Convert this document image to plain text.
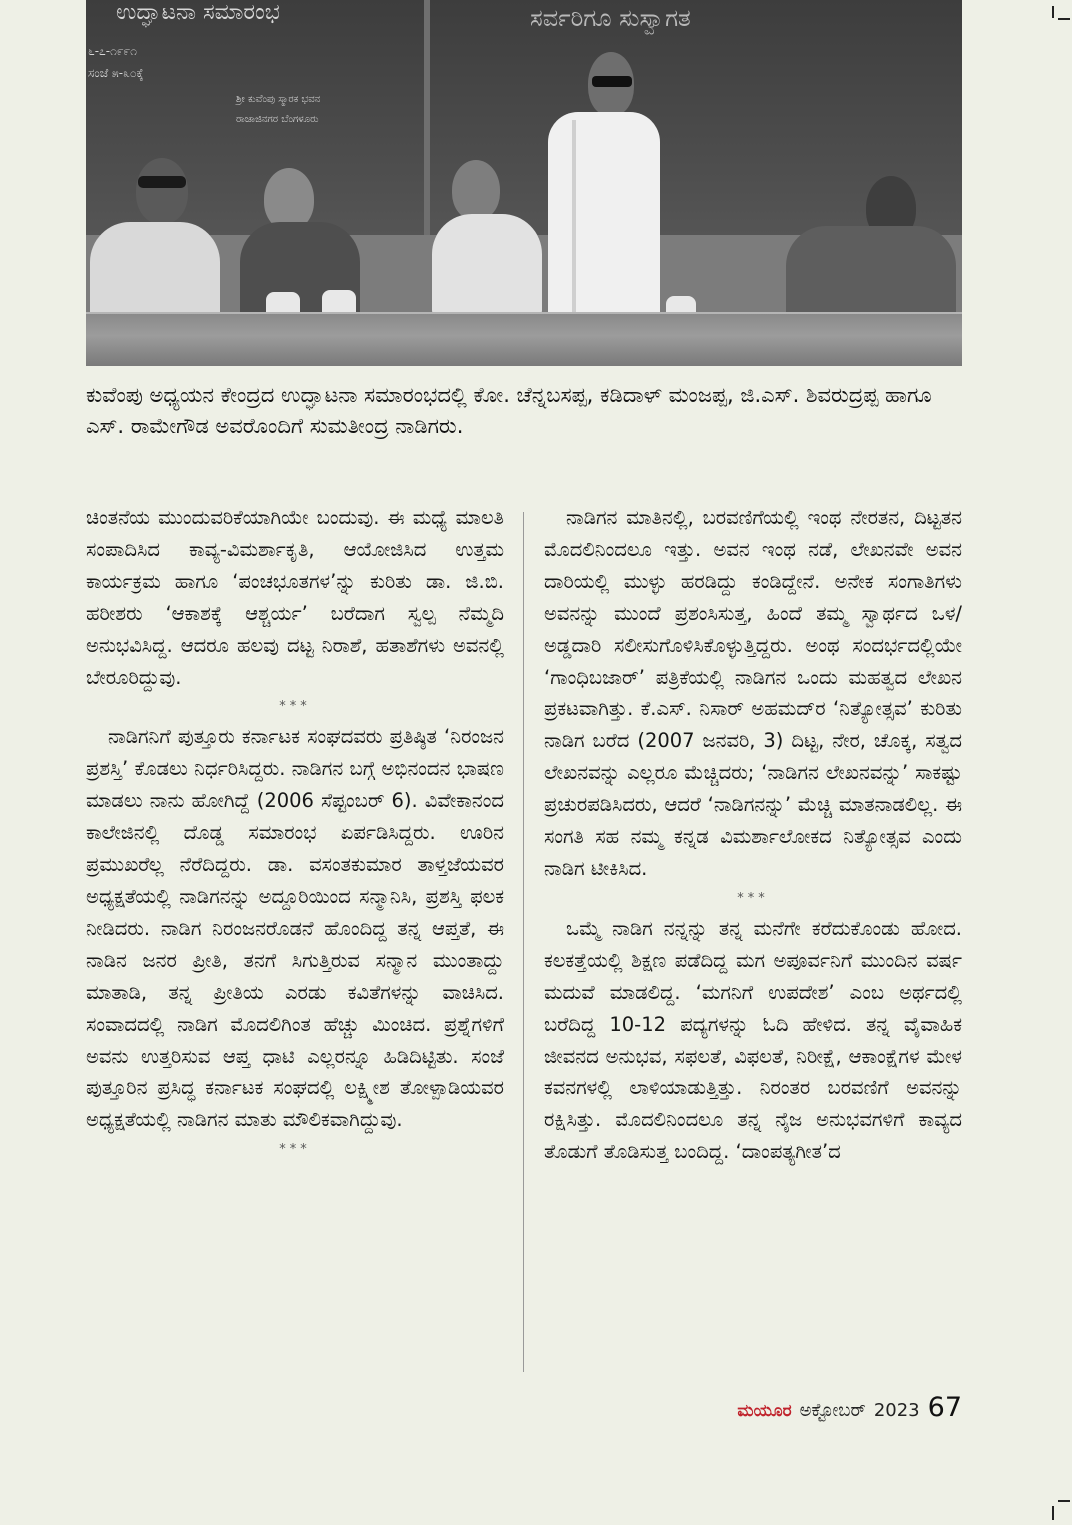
ಉದ್ಘಾಟನಾ ಸಮಾರಂಭ
೬-೭-೧೯೯೧
ಸಂಜೆ ೫-೩೦ಕ್ಕೆ
ಶ್ರೀ ಕುವೆಂಪು ಸ್ಮಾರಕ ಭವನ
ರಾಜಾಜಿನಗರ ಬೆಂಗಳೂರು
ಸರ್ವರಿಗೂ ಸುಸ್ವಾಗತ
ಕುವೆಂಪು ಅಧ್ಯಯನ ಕೇಂದ್ರದ ಉದ್ಘಾಟನಾ ಸಮಾರಂಭದಲ್ಲಿ ಕೋ. ಚೆನ್ನಬಸಪ್ಪ, ಕಡಿದಾಳ್ ಮಂಜಪ್ಪ, ಜಿ.ಎಸ್. ಶಿವರುದ್ರಪ್ಪ ಹಾಗೂ ಎಸ್. ರಾಮೇಗೌಡ ಅವರೊಂದಿಗೆ ಸುಮತೀಂದ್ರ ನಾಡಿಗರು.

ಚಿಂತನೆಯ ಮುಂದುವರಿಕೆಯಾಗಿಯೇ ಬಂದುವು. ಈ ಮಧ್ಯೆ ಮಾಲತಿ ಸಂಪಾದಿಸಿದ ಕಾವ್ಯ-ವಿಮರ್ಶಾಕೃತಿ, ಆಯೋಜಿಸಿದ ಉತ್ತಮ ಕಾರ್ಯಕ್ರಮ ಹಾಗೂ ‘ಪಂಚಭೂತಗಳ’ನ್ನು ಕುರಿತು ಡಾ. ಜಿ.ಬಿ. ಹರೀಶರು ‘ಆಕಾಶಕ್ಕೆ ಆಶ್ಚರ್ಯ’ ಬರೆದಾಗ ಸ್ವಲ್ಪ ನೆಮ್ಮದಿ ಅನುಭವಿಸಿದ್ದ. ಆದರೂ ಹಲವು ದಟ್ಟ ನಿರಾಶೆ, ಹತಾಶೆಗಳು ಅವನಲ್ಲಿ ಬೇರೂರಿದ್ದುವು.

***

ನಾಡಿಗನಿಗೆ ಪುತ್ತೂರು ಕರ್ನಾಟಕ ಸಂಘದವರು ಪ್ರತಿಷ್ಠಿತ ‘ನಿರಂಜನ ಪ್ರಶಸ್ತಿ’ ಕೊಡಲು ನಿರ್ಧರಿಸಿದ್ದರು. ನಾಡಿಗನ ಬಗ್ಗೆ ಅಭಿನಂದನ ಭಾಷಣ ಮಾಡಲು ನಾನು ಹೋಗಿದ್ದೆ (2006 ಸೆಪ್ಟಂಬರ್ 6). ವಿವೇಕಾನಂದ ಕಾಲೇಜಿನಲ್ಲಿ ದೊಡ್ಡ ಸಮಾರಂಭ ಏರ್ಪಡಿಸಿದ್ದರು. ಊರಿನ ಪ್ರಮುಖರೆಲ್ಲ ನೆರೆದಿದ್ದರು. ಡಾ. ವಸಂತಕುಮಾರ ತಾಳ್ತಜೆಯವರ ಅಧ್ಯಕ್ಷತೆಯಲ್ಲಿ ನಾಡಿಗನನ್ನು ಅದ್ದೂರಿಯಿಂದ ಸನ್ಮಾನಿಸಿ, ಪ್ರಶಸ್ತಿ ಫಲಕ ನೀಡಿದರು. ನಾಡಿಗ ನಿರಂಜನರೊಡನೆ ಹೊಂದಿದ್ದ ತನ್ನ ಆಪ್ತತೆ, ಈ ನಾಡಿನ ಜನರ ಪ್ರೀತಿ, ತನಗೆ ಸಿಗುತ್ತಿರುವ ಸನ್ಮಾನ ಮುಂತಾದ್ದು ಮಾತಾಡಿ, ತನ್ನ ಪ್ರೀತಿಯ ಎರಡು ಕವಿತೆಗಳನ್ನು ವಾಚಿಸಿದ. ಸಂವಾದದಲ್ಲಿ ನಾಡಿಗ ಮೊದಲಿಗಿಂತ ಹೆಚ್ಚು ಮಿಂಚಿದ. ಪ್ರಶ್ನೆಗಳಿಗೆ ಅವನು ಉತ್ತರಿಸುವ ಆಪ್ತ ಧಾಟಿ ಎಲ್ಲರನ್ನೂ ಹಿಡಿದಿಟ್ಟಿತು. ಸಂಜೆ ಪುತ್ತೂರಿನ ಪ್ರಸಿದ್ಧ ಕರ್ನಾಟಕ ಸಂಘದಲ್ಲಿ ಲಕ್ಷ್ಮೀಶ ತೋಳ್ಪಾಡಿಯವರ ಅಧ್ಯಕ್ಷತೆಯಲ್ಲಿ ನಾಡಿಗನ ಮಾತು ಮೌಲಿಕವಾಗಿದ್ದುವು.

***

ನಾಡಿಗನ ಮಾತಿನಲ್ಲಿ, ಬರವಣಿಗೆಯಲ್ಲಿ ಇಂಥ ನೇರತನ, ದಿಟ್ಟತನ ಮೊದಲಿನಿಂದಲೂ ಇತ್ತು. ಅವನ ಇಂಥ ನಡೆ, ಲೇಖನವೇ ಅವನ ದಾರಿಯಲ್ಲಿ ಮುಳ್ಳು ಹರಡಿದ್ದು ಕಂಡಿದ್ದೇನೆ. ಅನೇಕ ಸಂಗಾತಿಗಳು ಅವನನ್ನು ಮುಂದೆ ಪ್ರಶಂಸಿಸುತ್ತ, ಹಿಂದೆ ತಮ್ಮ ಸ್ವಾರ್ಥದ ಒಳ/ಅಡ್ಡದಾರಿ ಸಲೀಸುಗೊಳಿಸಿಕೊಳ್ಳುತ್ತಿದ್ದರು. ಅಂಥ ಸಂದರ್ಭದಲ್ಲಿಯೇ ‘ಗಾಂಧಿಬಜಾರ್’ ಪತ್ರಿಕೆಯಲ್ಲಿ ನಾಡಿಗನ ಒಂದು ಮಹತ್ವದ ಲೇಖನ ಪ್ರಕಟವಾಗಿತ್ತು. ಕೆ.ಎಸ್. ನಿಸಾರ್ ಅಹಮದ್‌ರ ‘ನಿತ್ಯೋತ್ಸವ’ ಕುರಿತು ನಾಡಿಗ ಬರೆದ (2007 ಜನವರಿ, 3) ದಿಟ್ಟ, ನೇರ, ಚೊಕ್ಕ, ಸತ್ವದ ಲೇಖನವನ್ನು ಎಲ್ಲರೂ ಮೆಚ್ಚಿದರು; ‘ನಾಡಿಗನ ಲೇಖನವನ್ನು’ ಸಾಕಷ್ಟು ಪ್ರಚುರಪಡಿಸಿದರು, ಆದರೆ ‘ನಾಡಿಗನನ್ನು’ ಮೆಚ್ಚಿ ಮಾತನಾಡಲಿಲ್ಲ. ಈ ಸಂಗತಿ ಸಹ ನಮ್ಮ ಕನ್ನಡ ವಿಮರ್ಶಾಲೋಕದ ನಿತ್ಯೋತ್ಸವ ಎಂದು ನಾಡಿಗ ಟೀಕಿಸಿದ.

***

ಒಮ್ಮೆ ನಾಡಿಗ ನನ್ನನ್ನು ತನ್ನ ಮನೆಗೇ ಕರೆದುಕೊಂಡು ಹೋದ. ಕಲಕತ್ತೆಯಲ್ಲಿ ಶಿಕ್ಷಣ ಪಡೆದಿದ್ದ ಮಗ ಅಪೂರ್ವನಿಗೆ ಮುಂದಿನ ವರ್ಷ ಮದುವೆ ಮಾಡಲಿದ್ದ. ‘ಮಗನಿಗೆ ಉಪದೇಶ’ ಎಂಬ ಅರ್ಥದಲ್ಲಿ ಬರೆದಿದ್ದ 10-12 ಪದ್ಯಗಳನ್ನು ಓದಿ ಹೇಳಿದ. ತನ್ನ ವೈವಾಹಿಕ ಜೀವನದ ಅನುಭವ, ಸಫಲತೆ, ವಿಫಲತೆ, ನಿರೀಕ್ಷೆ, ಆಕಾಂಕ್ಷೆಗಳ ಮೇಳ ಕವನಗಳಲ್ಲಿ ಲಾಳಿಯಾಡುತ್ತಿತ್ತು. ನಿರಂತರ ಬರವಣಿಗೆ ಅವನನ್ನು ರಕ್ಷಿಸಿತ್ತು. ಮೊದಲಿನಿಂದಲೂ ತನ್ನ ನೈಜ ಅನುಭವಗಳಿಗೆ ಕಾವ್ಯದ ತೊಡುಗೆ ತೊಡಿಸುತ್ತ ಬಂದಿದ್ದ. ‘ದಾಂಪತ್ಯಗೀತ’ದ

ಮಯೂರ ಅಕ್ಟೋಬರ್ 2023 67
